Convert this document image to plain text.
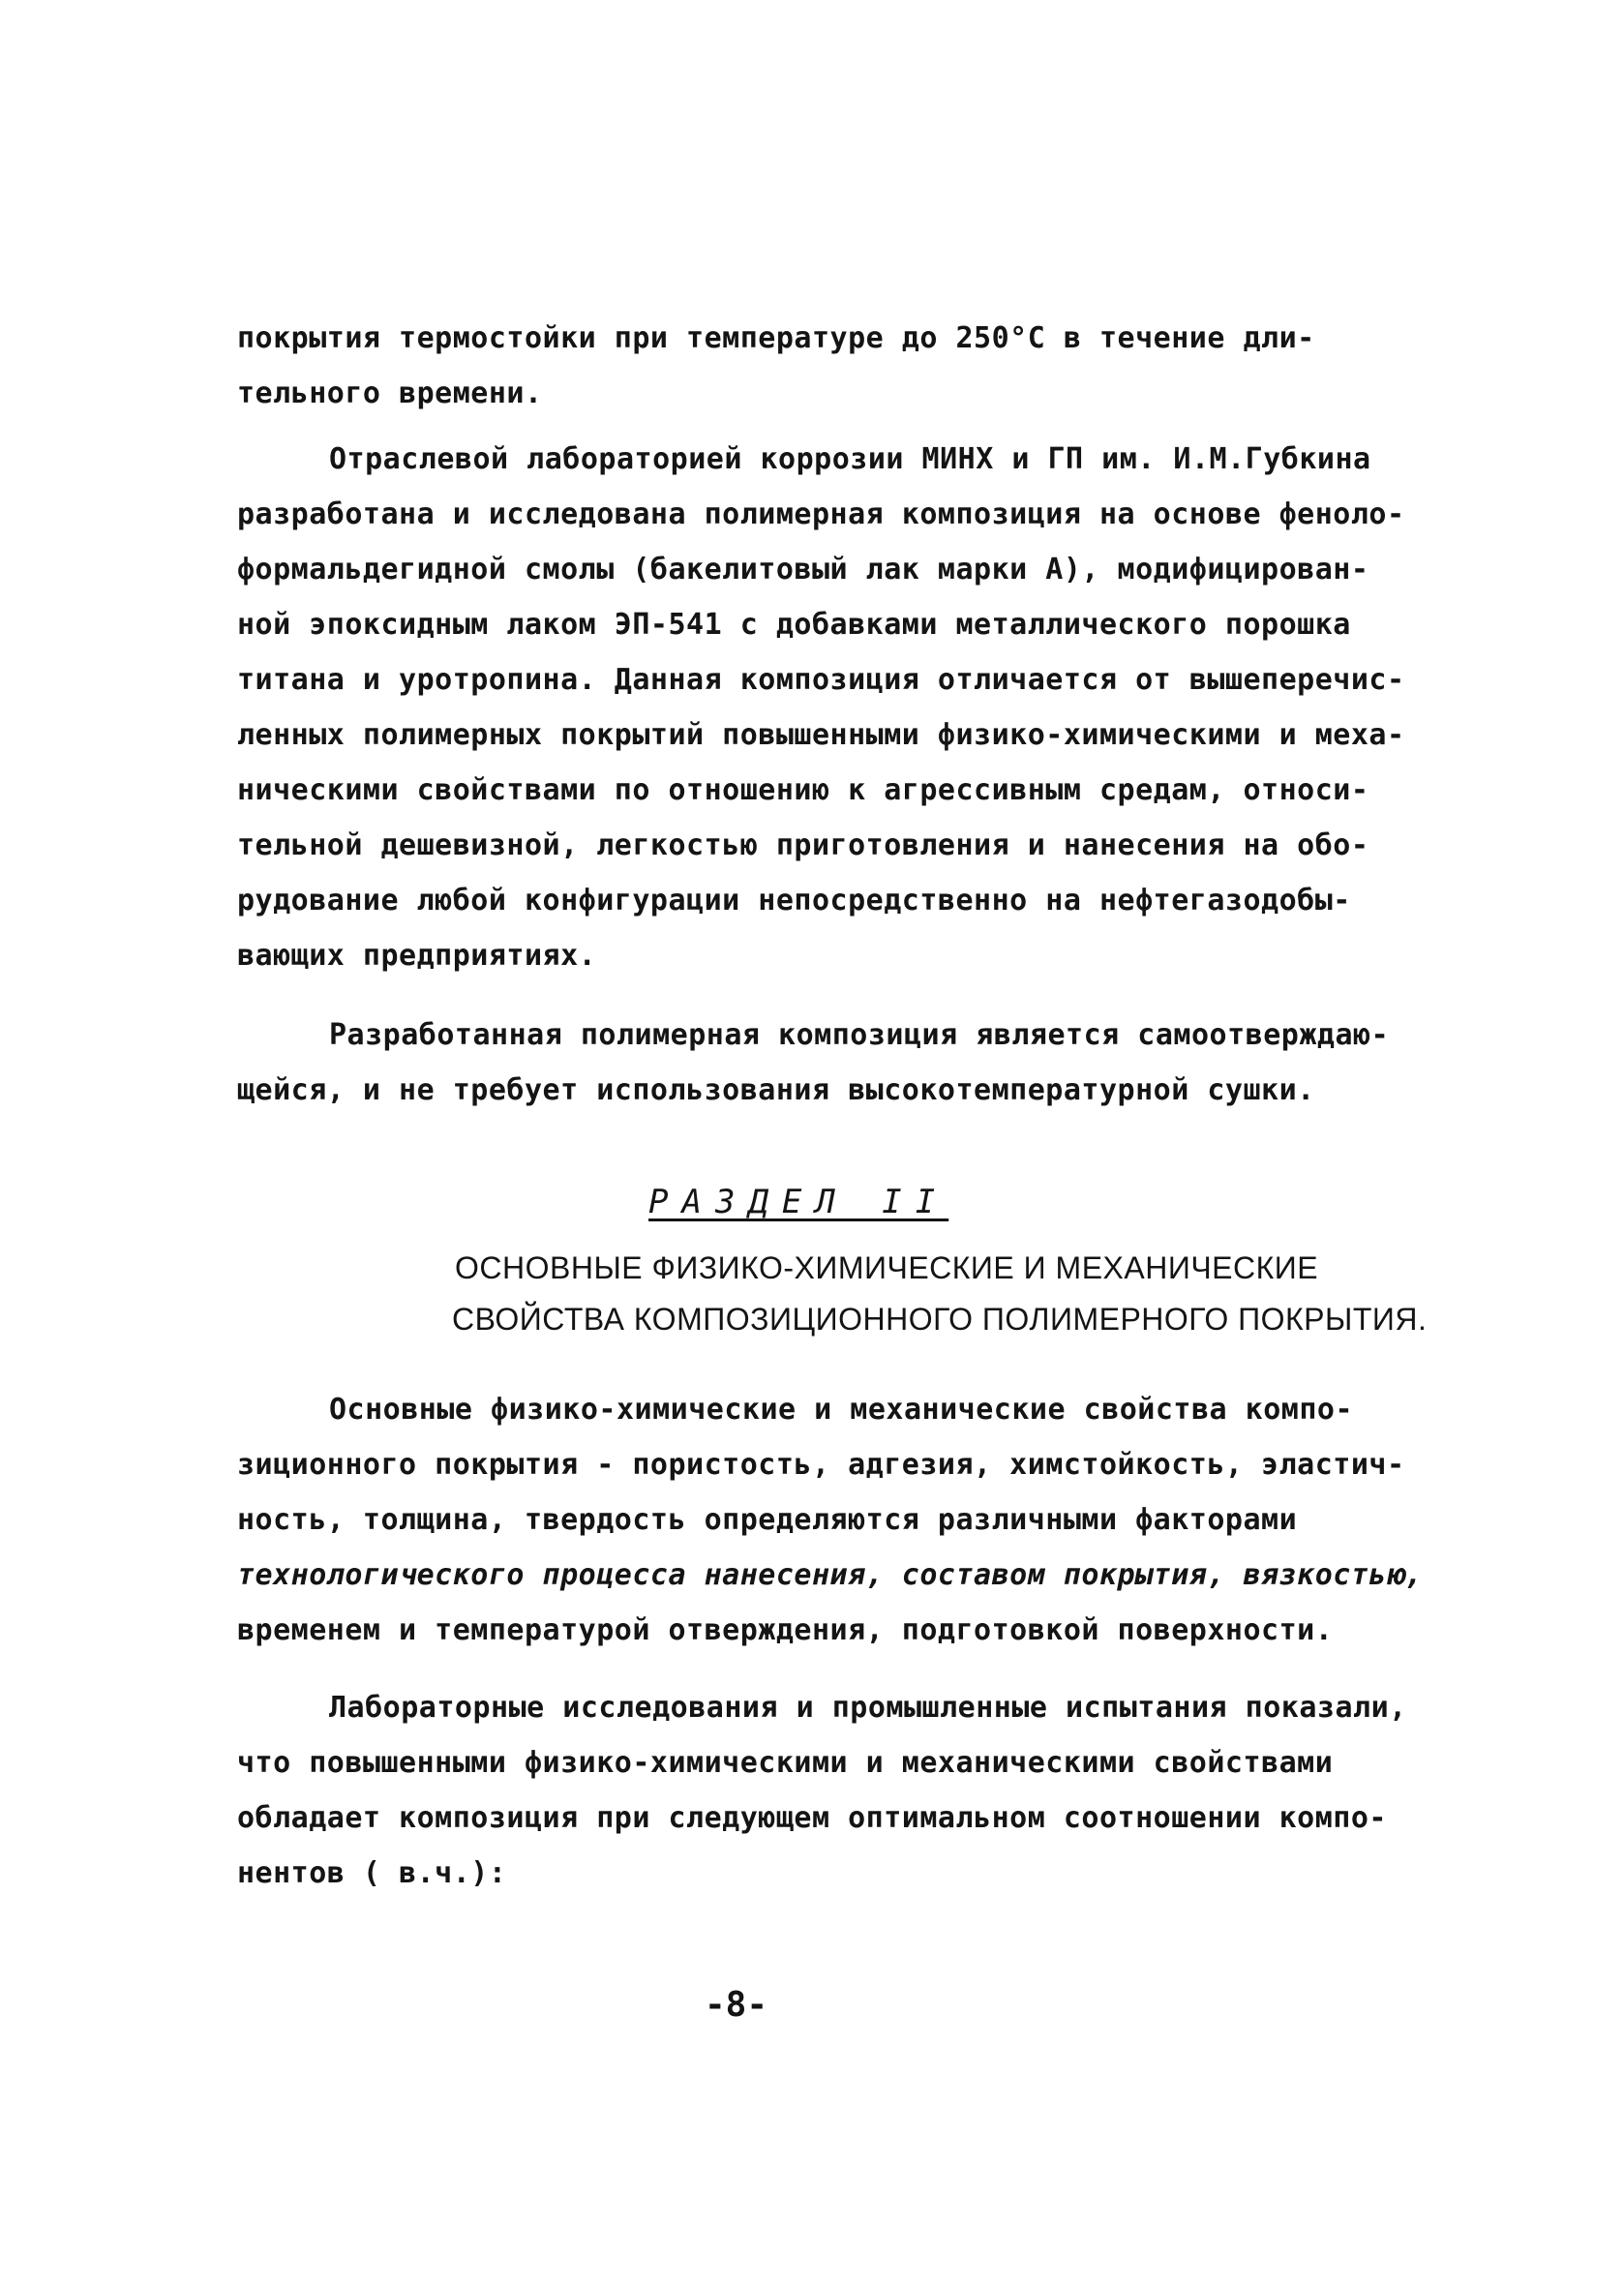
покрытия термостойки при температуре до 250°С в течение дли-
тельного времени.
Отраслевой лабораторией коррозии МИНХ и ГП им. И.М.Губкина
разработана и исследована полимерная композиция на основе феноло-
формальдегидной смолы (бакелитовый лак марки А), модифицирован-
ной эпоксидным лаком ЭП-541 с добавками металлического порошка
титана и уротропина. Данная композиция отличается от вышеперечис-
ленных полимерных покрытий повышенными физико-химическими и меха-
ническими свойствами по отношению к агрессивным средам, относи-
тельной дешевизной, легкостью приготовления и нанесения на обо-
рудование любой конфигурации непосредственно на нефтегазодобы-
вающих предприятиях.
Разработанная полимерная композиция является самоотверждаю-
щейся, и не требует использования высокотемпературной сушки.
РАЗДЕЛ II
ОСНОВНЫЕ ФИЗИКО-ХИМИЧЕСКИЕ И МЕХАНИЧЕСКИЕ
СВОЙСТВА КОМПОЗИЦИОННОГО ПОЛИМЕРНОГО ПОКРЫТИЯ.
Основные физико-химические и механические свойства компо-
зиционного покрытия - пористость, адгезия, химстойкость, эластич-
ность, толщина, твердость определяются различными факторами
технологического процесса нанесения, составом покрытия, вязкостью,
временем и температурой отверждения, подготовкой поверхности.
Лабораторные исследования и промышленные испытания показали,
что повышенными физико-химическими и механическими свойствами
обладает композиция при следующем оптимальном соотношении компо-
нентов ( в.ч.):
-8-
